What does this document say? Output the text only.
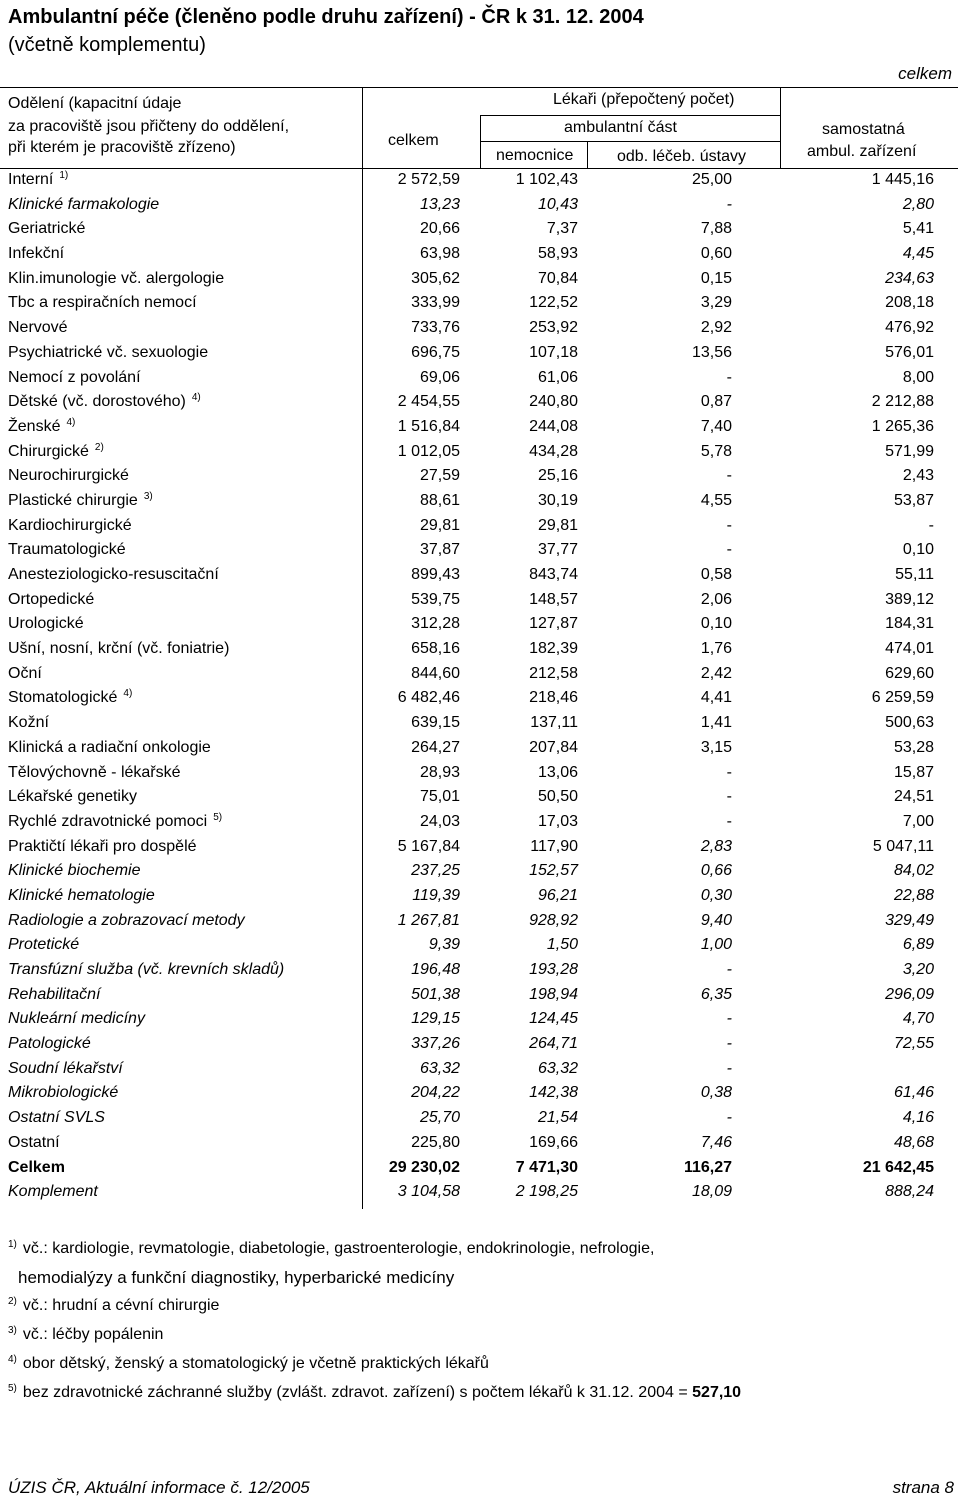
Ambulantní péče (členěno podle druhu zařízení) - ČR k 31. 12. 2004
(včetně komplementu)
celkem
Odělení (kapacitní údaje
za pracoviště jsou přičteny do oddělení,
při kterém je pracoviště zřízeno)
Lékaři (přepočtený počet)
celkem
ambulantní část
nemocnice	odb. léčeb. ústavy
samostatná
ambul. zařízení
Interní $^{1)}$	2 572,59	1 102,43	25,00	1 445,16
Klinické farmakologie	13,23	10,43	-	2,80
Geriatrické	20,66	7,37	7,88	5,41
Infekční	63,98	58,93	0,60	4,45
Klin.imunologie vč. alergologie	305,62	70,84	0,15	234,63
Tbc a respiračních nemocí	333,99	122,52	3,29	208,18
Nervové	733,76	253,92	2,92	476,92
Psychiatrické vč. sexuologie	696,75	107,18	13,56	576,01
Nemocí z povolání	69,06	61,06	-	8,00
Dětské (vč. dorostového) $^{4)}$	2 454,55	240,80	0,87	2 212,88
Ženské $^{4)}$	1 516,84	244,08	7,40	1 265,36
Chirurgické $^{2)}$	1 012,05	434,28	5,78	571,99
Neurochirurgické	27,59	25,16	-	2,43
Plastické chirurgie $^{3)}$	88,61	30,19	4,55	53,87
Kardiochirurgické	29,81	29,81	-	-
Traumatologické	37,87	37,77	-	0,10
Anesteziologicko-resuscitační	899,43	843,74	0,58	55,11
Ortopedické	539,75	148,57	2,06	389,12
Urologické	312,28	127,87	0,10	184,31
Ušní, nosní, krční (vč. foniatrie)	658,16	182,39	1,76	474,01
Oční	844,60	212,58	2,42	629,60
Stomatologické $^{4)}$	6 482,46	218,46	4,41	6 259,59
Kožní	639,15	137,11	1,41	500,63
Klinická a radiační onkologie	264,27	207,84	3,15	53,28
Tělovýchovně - lékařské	28,93	13,06	-	15,87
Lékařské genetiky	75,01	50,50	-	24,51
Rychlé zdravotnické pomoci $^{5)}$	24,03	17,03	-	7,00
Praktičtí lékaři pro dospělé	5 167,84	117,90	2,83	5 047,11
Klinické biochemie	237,25	152,57	0,66	84,02
Klinické hematologie	119,39	96,21	0,30	22,88
Radiologie a zobrazovací metody	1 267,81	928,92	9,40	329,49
Protetické	9,39	1,50	1,00	6,89
Transfúzní služba (vč. krevních skladů)	196,48	193,28	-	3,20
Rehabilitační	501,38	198,94	6,35	296,09
Nukleární medicíny	129,15	124,45	-	4,70
Patologické	337,26	264,71	-	72,55
Soudní lékařství	63,32	63,32	-
Mikrobiologické	204,22	142,38	0,38	61,46
Ostatní SVLS	25,70	21,54	-	4,16
Ostatní	225,80	169,66	7,46	48,68
Celkem	29 230,02	7 471,30	116,27	21 642,45
Komplement	3 104,58	2 198,25	18,09	888,24
$^{1)}$ vč.: kardiologie, revmatologie, diabetologie, gastroenterologie, endokrinologie, nefrologie,
hemodialýzy a funkční diagnostiky, hyperbarické medicíny
$^{2)}$ vč.: hrudní a cévní chirurgie
$^{3)}$ vč.: léčby popálenin
$^{4)}$ obor dětský, ženský a stomatologický je včetně praktických lékařů
$^{5)}$ bez zdravotnické záchranné služby (zvlášt. zdravot. zařízení) s počtem lékařů k 31.12. 2004 = 527,10
ÚZIS ČR, Aktuální informace č. 12/2005	strana 8
